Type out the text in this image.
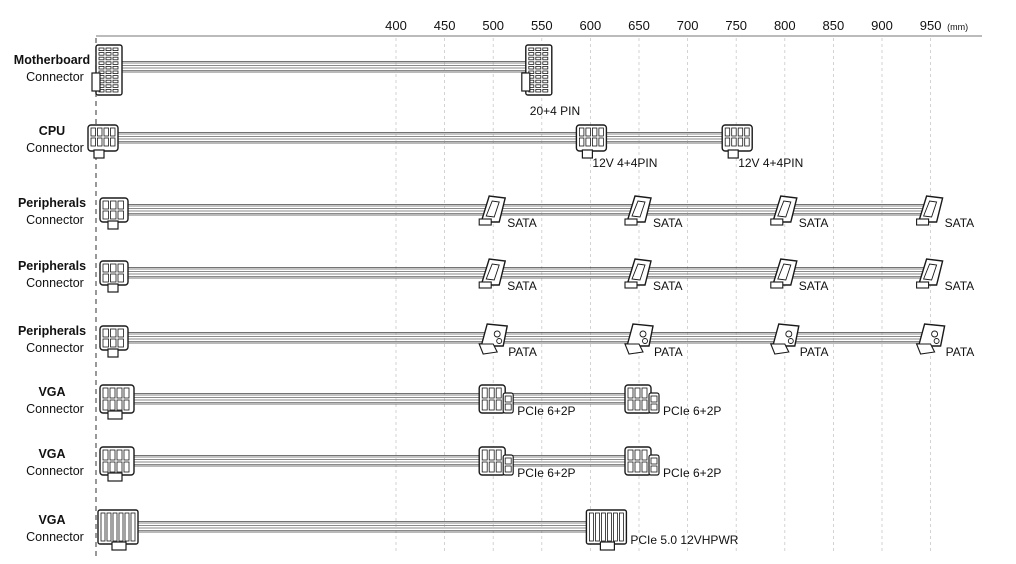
400 450 500 550 600 650 700 750 800 850 900 950 (mm)
Motherboard
Connector
20+4 PIN
CPU
Connector
12V 4+4PIN	12V 4+4PIN
Peripherals
Connector	SATA	SATA	SATA	SATA
Peripherals
Connector	SATA	SATA	SATA	SATA
Peripherals
Connector	PATA	PATA	PATA	PATA
VGA
Connector	PCIe 6+2P	PCIe 6+2P
VGA
Connector	PCIe 6+2P	PCIe 6+2P
VGA
Connector	PCIe 5.0 12VHPWR
